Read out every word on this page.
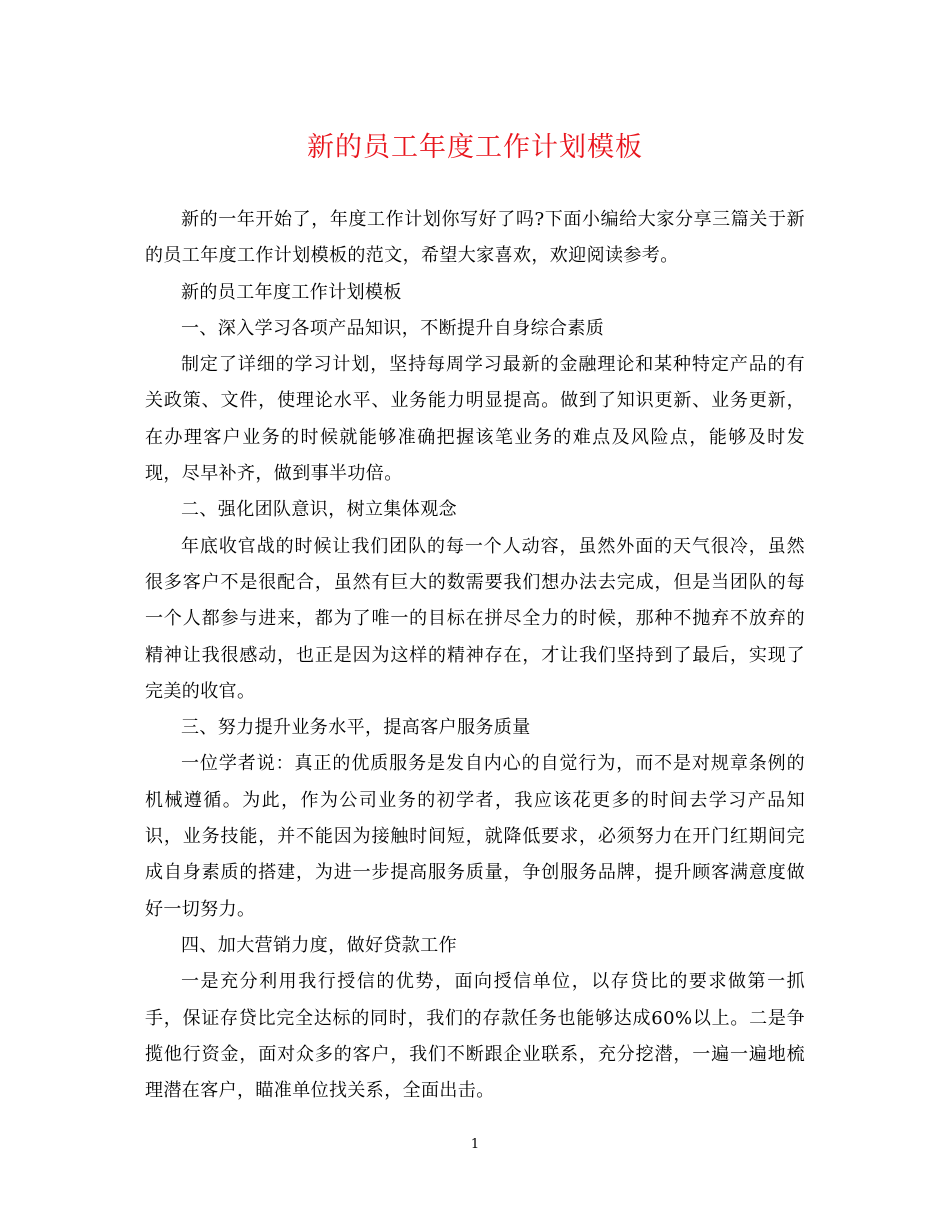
新的员工年度工作计划模板

新的一年开始了，年度工作计划你写好了吗?下面小编给大家分享三篇关于新的员工年度工作计划模板的范文，希望大家喜欢，欢迎阅读参考。

新的员工年度工作计划模板

一、深入学习各项产品知识，不断提升自身综合素质

制定了详细的学习计划，坚持每周学习最新的金融理论和某种特定产品的有关政策、文件，使理论水平、业务能力明显提高。做到了知识更新、业务更新，在办理客户业务的时候就能够准确把握该笔业务的难点及风险点，能够及时发现，尽早补齐，做到事半功倍。

二、强化团队意识，树立集体观念

年底收官战的时候让我们团队的每一个人动容，虽然外面的天气很冷，虽然很多客户不是很配合，虽然有巨大的数需要我们想办法去完成，但是当团队的每一个人都参与进来，都为了唯一的目标在拼尽全力的时候，那种不抛弃不放弃的精神让我很感动，也正是因为这样的精神存在，才让我们坚持到了最后，实现了完美的收官。

三、努力提升业务水平，提高客户服务质量

一位学者说：真正的优质服务是发自内心的自觉行为，而不是对规章条例的机械遵循。为此，作为公司业务的初学者，我应该花更多的时间去学习产品知识，业务技能，并不能因为接触时间短，就降低要求，必须努力在开门红期间完成自身素质的搭建，为进一步提高服务质量，争创服务品牌，提升顾客满意度做好一切努力。

四、加大营销力度，做好贷款工作

一是充分利用我行授信的优势，面向授信单位，以存贷比的要求做第一抓手，保证存贷比完全达标的同时，我们的存款任务也能够达成60%以上。二是争揽他行资金，面对众多的客户，我们不断跟企业联系，充分挖潜，一遍一遍地梳理潜在客户，瞄准单位找关系，全面出击。

1
